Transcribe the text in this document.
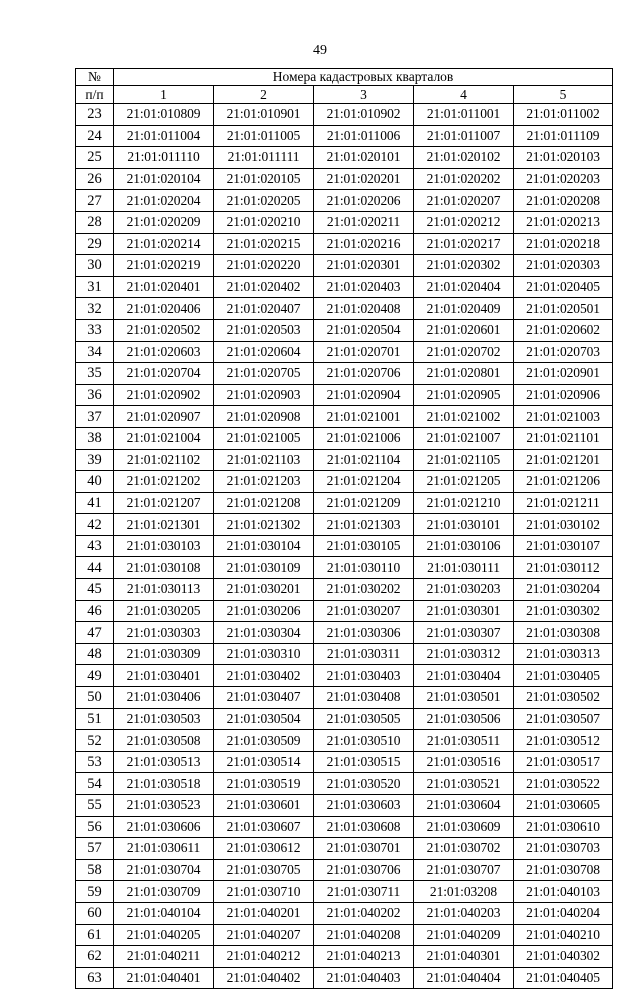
49
№	Номера кадастровых кварталов				
п/п	1	2	3	4	5
23	21:01:010809	21:01:010901	21:01:010902	21:01:011001	21:01:011002
24	21:01:011004	21:01:011005	21:01:011006	21:01:011007	21:01:011109
25	21:01:011110	21:01:011111	21:01:020101	21:01:020102	21:01:020103
26	21:01:020104	21:01:020105	21:01:020201	21:01:020202	21:01:020203
27	21:01:020204	21:01:020205	21:01:020206	21:01:020207	21:01:020208
28	21:01:020209	21:01:020210	21:01:020211	21:01:020212	21:01:020213
29	21:01:020214	21:01:020215	21:01:020216	21:01:020217	21:01:020218
30	21:01:020219	21:01:020220	21:01:020301	21:01:020302	21:01:020303
31	21:01:020401	21:01:020402	21:01:020403	21:01:020404	21:01:020405
32	21:01:020406	21:01:020407	21:01:020408	21:01:020409	21:01:020501
33	21:01:020502	21:01:020503	21:01:020504	21:01:020601	21:01:020602
34	21:01:020603	21:01:020604	21:01:020701	21:01:020702	21:01:020703
35	21:01:020704	21:01:020705	21:01:020706	21:01:020801	21:01:020901
36	21:01:020902	21:01:020903	21:01:020904	21:01:020905	21:01:020906
37	21:01:020907	21:01:020908	21:01:021001	21:01:021002	21:01:021003
38	21:01:021004	21:01:021005	21:01:021006	21:01:021007	21:01:021101
39	21:01:021102	21:01:021103	21:01:021104	21:01:021105	21:01:021201
40	21:01:021202	21:01:021203	21:01:021204	21:01:021205	21:01:021206
41	21:01:021207	21:01:021208	21:01:021209	21:01:021210	21:01:021211
42	21:01:021301	21:01:021302	21:01:021303	21:01:030101	21:01:030102
43	21:01:030103	21:01:030104	21:01:030105	21:01:030106	21:01:030107
44	21:01:030108	21:01:030109	21:01:030110	21:01:030111	21:01:030112
45	21:01:030113	21:01:030201	21:01:030202	21:01:030203	21:01:030204
46	21:01:030205	21:01:030206	21:01:030207	21:01:030301	21:01:030302
47	21:01:030303	21:01:030304	21:01:030306	21:01:030307	21:01:030308
48	21:01:030309	21:01:030310	21:01:030311	21:01:030312	21:01:030313
49	21:01:030401	21:01:030402	21:01:030403	21:01:030404	21:01:030405
50	21:01:030406	21:01:030407	21:01:030408	21:01:030501	21:01:030502
51	21:01:030503	21:01:030504	21:01:030505	21:01:030506	21:01:030507
52	21:01:030508	21:01:030509	21:01:030510	21:01:030511	21:01:030512
53	21:01:030513	21:01:030514	21:01:030515	21:01:030516	21:01:030517
54	21:01:030518	21:01:030519	21:01:030520	21:01:030521	21:01:030522
55	21:01:030523	21:01:030601	21:01:030603	21:01:030604	21:01:030605
56	21:01:030606	21:01:030607	21:01:030608	21:01:030609	21:01:030610
57	21:01:030611	21:01:030612	21:01:030701	21:01:030702	21:01:030703
58	21:01:030704	21:01:030705	21:01:030706	21:01:030707	21:01:030708
59	21:01:030709	21:01:030710	21:01:030711	21:01:03208	21:01:040103
60	21:01:040104	21:01:040201	21:01:040202	21:01:040203	21:01:040204
61	21:01:040205	21:01:040207	21:01:040208	21:01:040209	21:01:040210
62	21:01:040211	21:01:040212	21:01:040213	21:01:040301	21:01:040302
63	21:01:040401	21:01:040402	21:01:040403	21:01:040404	21:01:040405
